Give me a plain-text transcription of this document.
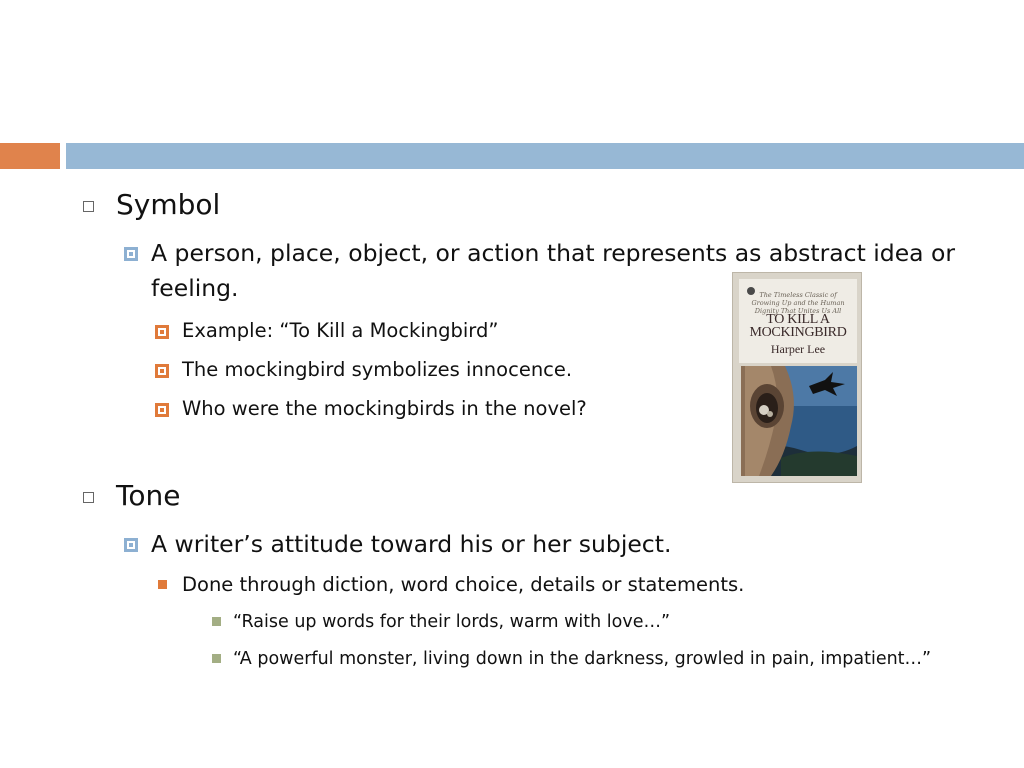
Symbol
A person, place, object, or action that represents as abstract idea or feeling.
Example: “To Kill a Mockingbird”
The mockingbird symbolizes innocence.
Who were the mockingbirds in the novel?
Tone
A writer’s attitude toward his or her subject.
Done through diction, word choice, details or statements.
“Raise up words for their lords, warm with love…”
“A powerful monster, living down in the darkness, growled in pain, impatient…”
The Timeless Classic of Growing Up and the Human Dignity That Unites Us All
TO KILL A MOCKINGBIRD
Harper Lee
